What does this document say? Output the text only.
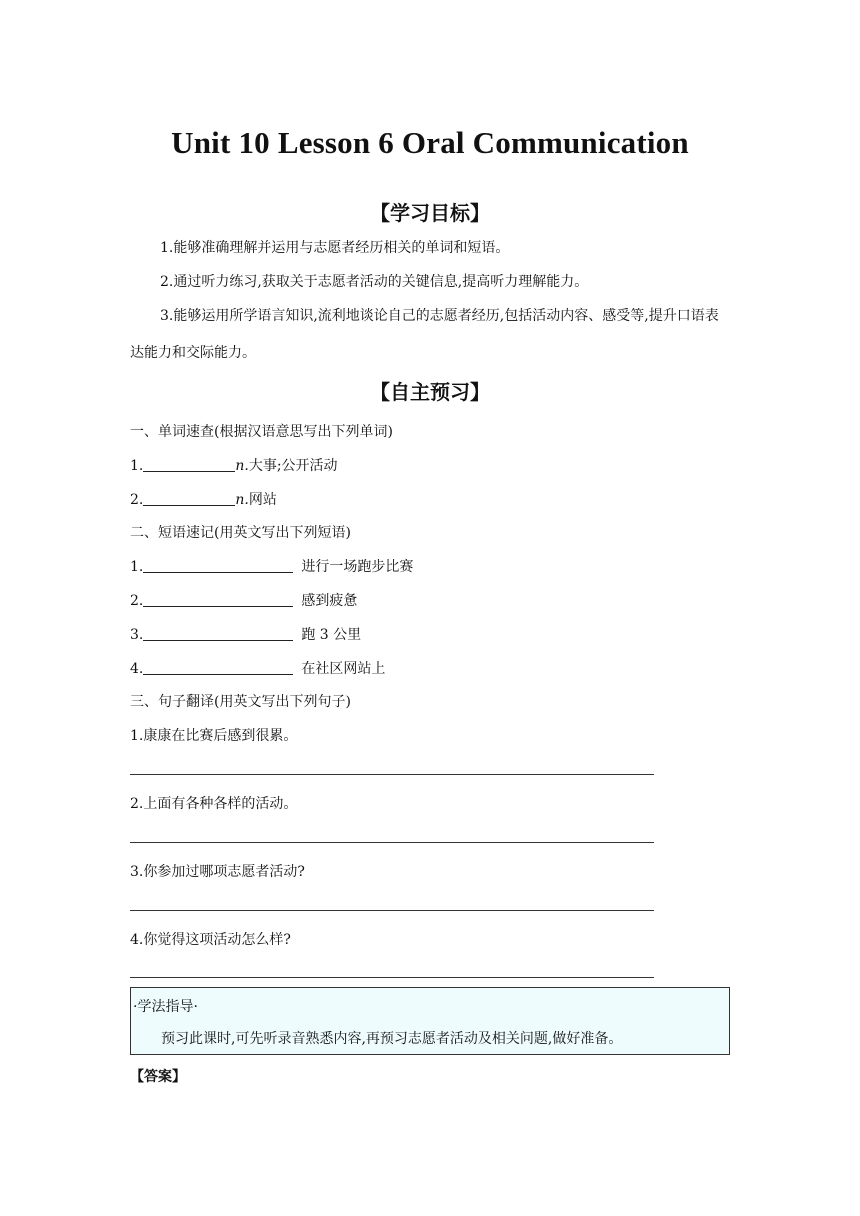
Unit 10 Lesson 6 Oral Communication
【学习目标】
1.能够准确理解并运用与志愿者经历相关的单词和短语。
2.通过听力练习,获取关于志愿者活动的关键信息,提高听力理解能力。
3.能够运用所学语言知识,流利地谈论自己的志愿者经历,包括活动内容、感受等,提升口语表达能力和交际能力。
【自主预习】
一、单词速查(根据汉语意思写出下列单词)
1.	n.大事;公开活动
2.	n.网站
二、短语速记(用英文写出下列短语)
1.	进行一场跑步比赛
2.	感到疲惫
3.	跑 3 公里
4.	在社区网站上
三、句子翻译(用英文写出下列句子)
1.康康在比赛后感到很累。
2.上面有各种各样的活动。
3.你参加过哪项志愿者活动?
4.你觉得这项活动怎么样?
·学法指导·
预习此课时,可先听录音熟悉内容,再预习志愿者活动及相关问题,做好准备。
【答案】
